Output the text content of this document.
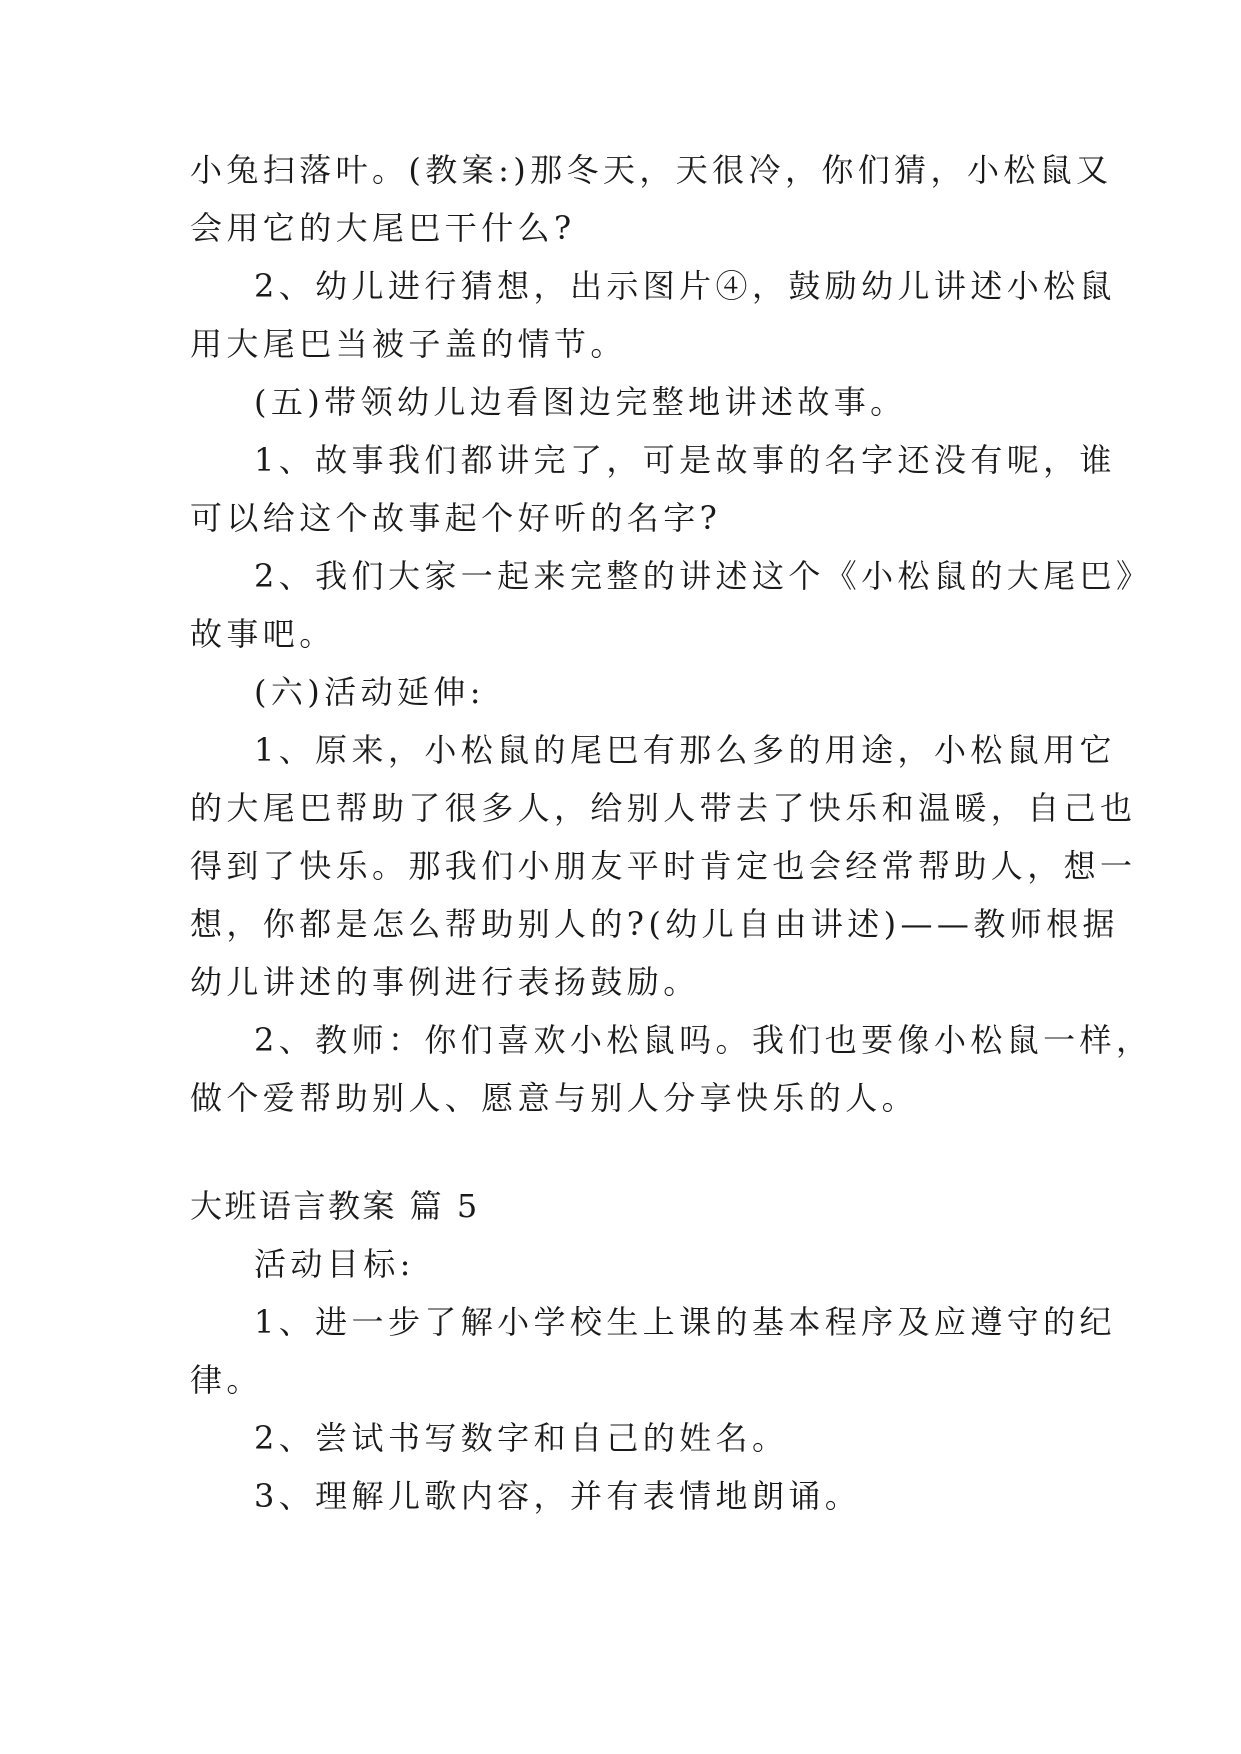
小兔扫落叶。(教案:)那冬天，天很冷，你们猜，小松鼠又
会用它的大尾巴干什么?
2、幼儿进行猜想，出示图片④，鼓励幼儿讲述小松鼠
用大尾巴当被子盖的情节。
(五)带领幼儿边看图边完整地讲述故事。
1、故事我们都讲完了，可是故事的名字还没有呢，谁
可以给这个故事起个好听的名字?
2、我们大家一起来完整的讲述这个《小松鼠的大尾巴》
故事吧。
(六)活动延伸:
1、原来，小松鼠的尾巴有那么多的用途，小松鼠用它
的大尾巴帮助了很多人，给别人带去了快乐和温暖，自己也
得到了快乐。那我们小朋友平时肯定也会经常帮助人，想一
想，你都是怎么帮助别人的?(幼儿自由讲述)——教师根据
幼儿讲述的事例进行表扬鼓励。
2、教师：你们喜欢小松鼠吗。我们也要像小松鼠一样，
做个爱帮助别人、愿意与别人分享快乐的人。
大班语言教案 篇 5
活动目标:
1、进一步了解小学校生上课的基本程序及应遵守的纪
律。
2、尝试书写数字和自己的姓名。
3、理解儿歌内容，并有表情地朗诵。
